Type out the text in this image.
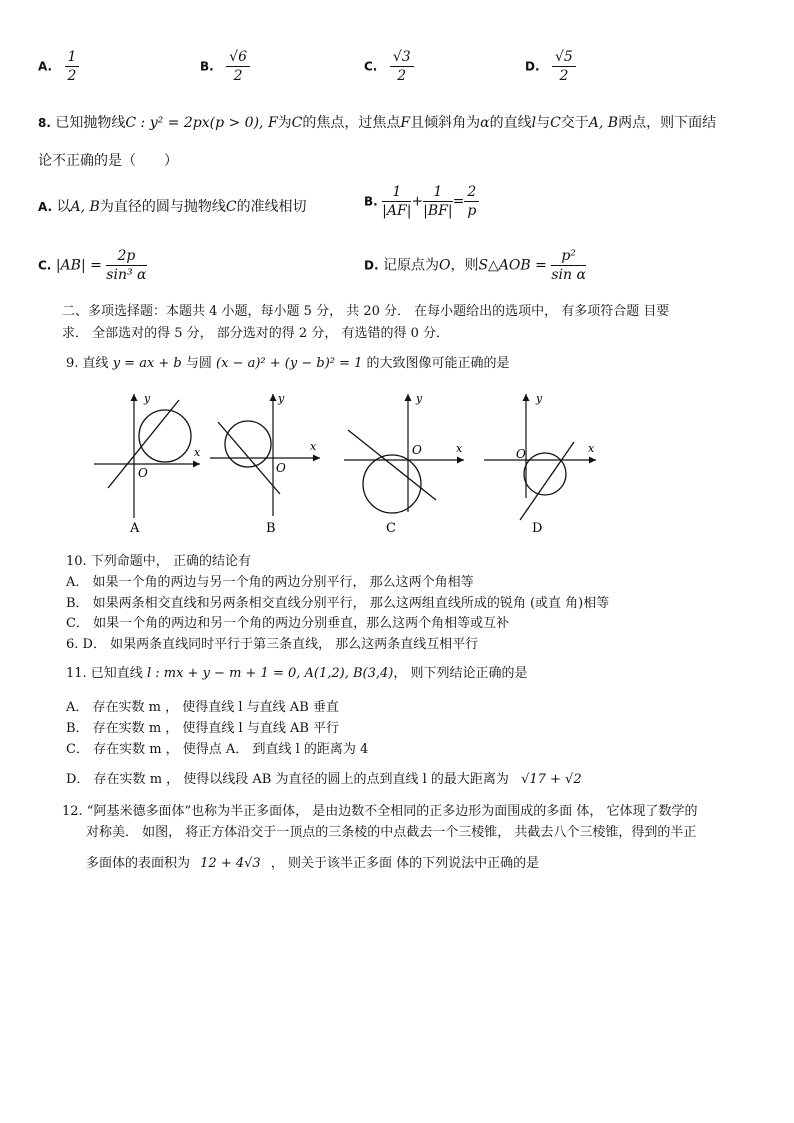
A. $\frac{1}{2}$	B. $\frac{√6}{2}$	C. $\frac{√3}{2}$	D. $\frac{√5}{2}$
8. 已知抛物线C : y² = 2px(p > 0), F为C的焦点，过焦点F且倾斜角为α的直线l与C交于A, B两点，则下面结
论不正确的是（　　）
A. 以A, B为直径的圆与抛物线C的准线相切	B. $\frac{1}{|AF|} + \frac{1}{|BF|} = \frac{2}{p}$
C. $|AB| = \frac{2p}{\text{sin³ α}}$	D. 记原点为O，则S△AOB = $\frac{\text{p²}}{\text{sin α}}$
二、多项选择题：本题共 4 小题，每小题 5 分， 共 20 分． 在每小题给出的选项中， 有多项符合题 目要
求． 全部选对的得 5 分， 部分选对的得 2 分， 有选错的得 0 分．
9. 直线 y = ax + b 与圆 (x − a)² + (y − b)² = 1 的大致图像可能正确的是
y
x
O
A
y
x
O
B
y
x
O
C
y
x
O
D
10. 下列命题中， 正确的结论有
A． 如果一个角的两边与另一个角的两边分别平行， 那么这两个角相等
B． 如果两条相交直线和另两条相交直线分别平行， 那么这两组直线所成的锐角 (或直 角)相等
C． 如果一个角的两边和另一个角的两边分别垂直，那么这两个角相等或互补
6. D． 如果两条直线同时平行于第三条直线， 那么这两条直线互相平行
11. 已知直线 l : mx + y − m + 1 = 0, A(1,2), B(3,4)， 则下列结论正确的是
A． 存在实数 m ， 使得直线 l 与直线 AB 垂直
B． 存在实数 m ， 使得直线 l 与直线 AB 平行
C． 存在实数 m ， 使得点 A． 到直线 l 的距离为 4
D． 存在实数 m ， 使得以线段 AB 为直径的圆上的点到直线 l 的最大距离为 √17 + √2
12. “阿基米德多面体”也称为半正多面体， 是由边数不全相同的正多边形为面围成的多面 体， 它体现了数学的
对称美． 如图， 将正方体沿交于一顶点的三条棱的中点截去一个三棱锥， 共截去八个三棱锥，得到的半正
多面体的表面积为 12 + 4√3 ， 则关于该半正多面 体的下列说法中正确的是
